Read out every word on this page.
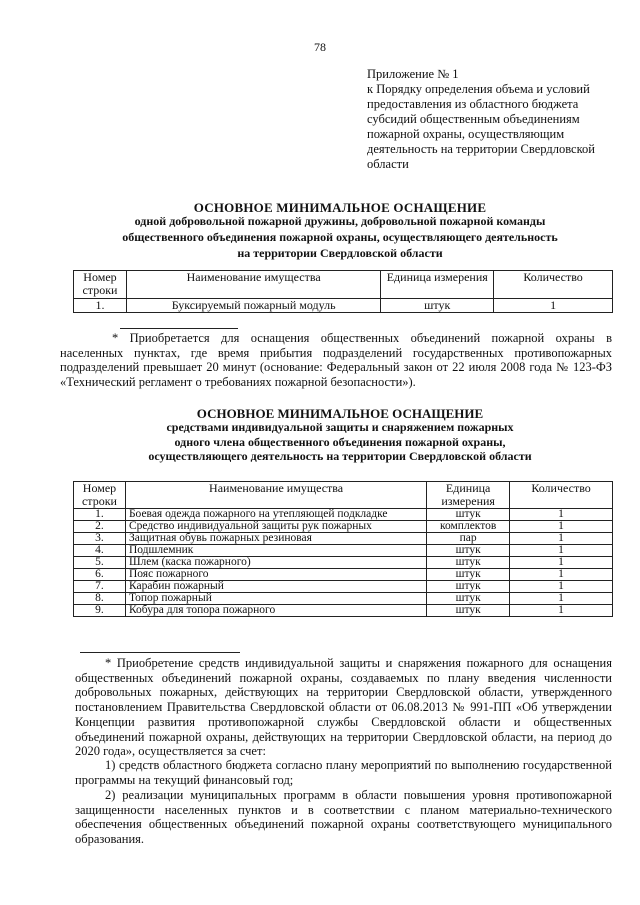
78
Приложение № 1
к Порядку определения объема и условий
предоставления из областного бюджета
субсидий общественным объединениям
пожарной охраны, осуществляющим
деятельность на территории Свердловской
области
ОСНОВНОЕ МИНИМАЛЬНОЕ ОСНАЩЕНИЕ
одной добровольной пожарной дружины, добровольной пожарной команды
общественного объединения пожарной охраны, осуществляющего деятельность
на территории Свердловской области
Номер строки	Наименование имущества	Единица измерения	Количество
1.	Буксируемый пожарный модуль	штук	1
* Приобретается для оснащения общественных объединений пожарной охраны в населенных пунктах, где время прибытия подразделений государственных противопожарных подразделений превышает 20 минут (основание: Федеральный закон от 22 июля 2008 года № 123-ФЗ «Технический регламент о требованиях пожарной безопасности»).
ОСНОВНОЕ МИНИМАЛЬНОЕ ОСНАЩЕНИЕ
средствами индивидуальной защиты и снаряжением пожарных
одного члена общественного объединения пожарной охраны,
осуществляющего деятельность на территории Свердловской области
Номер строки	Наименование имущества	Единица измерения	Количество
1.	Боевая одежда пожарного на утепляющей подкладке	штук	1
2.	Средство индивидуальной защиты рук пожарных	комплектов	1
3.	Защитная обувь пожарных резиновая	пар	1
4.	Подшлемник	штук	1
5.	Шлем (каска пожарного)	штук	1
6.	Пояс пожарного	штук	1
7.	Карабин пожарный	штук	1
8.	Топор пожарный	штук	1
9.	Кобура для топора пожарного	штук	1
* Приобретение средств индивидуальной защиты и снаряжения пожарного для оснащения общественных объединений пожарной охраны, создаваемых по плану введения численности добровольных пожарных, действующих на территории Свердловской области, утвержденного постановлением Правительства Свердловской области от 06.08.2013 № 991-ПП «Об утверждении Концепции развития противопожарной службы Свердловской области и общественных объединений пожарной охраны, действующих на территории Свердловской области, на период до 2020 года», осуществляется за счет:
1) средств областного бюджета согласно плану мероприятий по выполнению государственной программы на текущий финансовый год;
2) реализации муниципальных программ в области повышения уровня противопожарной защищенности населенных пунктов и в соответствии с планом материально-технического обеспечения общественных объединений пожарной охраны соответствующего муниципального образования.
